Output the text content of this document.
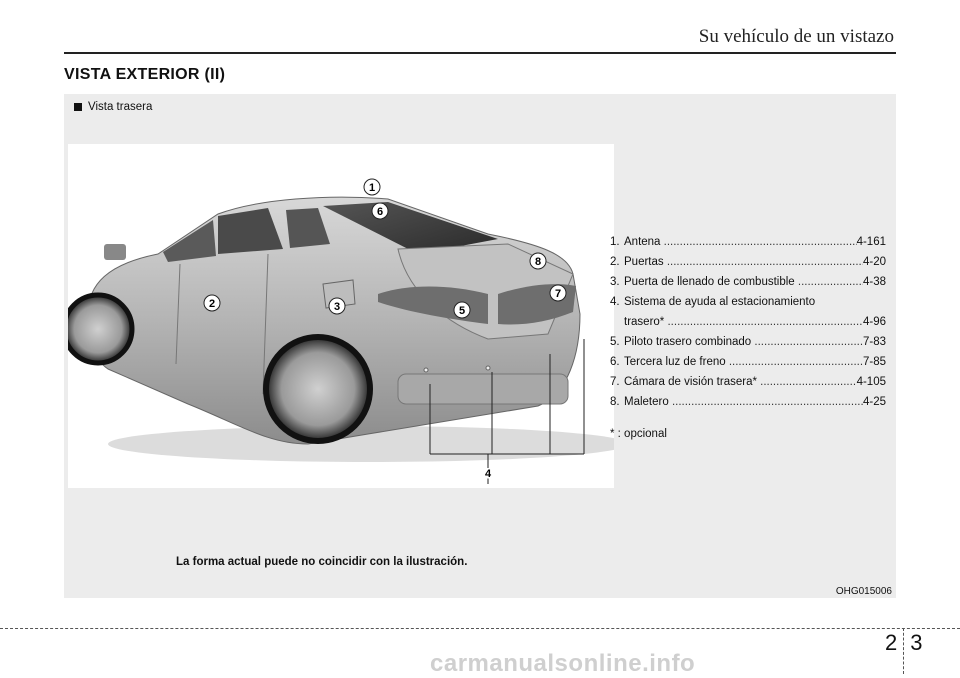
Su vehículo de un vistazo
VISTA EXTERIOR (II)
Vista trasera
1
6
8
7
2	3	5
4
1. Antena
.....	4-161
2. Puertas
.....	4-20
3. Puerta de llenado de combustible
.....	4-38
4. Sistema de ayuda al estacionamiento
trasero*
.....	4-96
5. Piloto trasero combinado
.....	7-83
6. Tercera luz de freno
.....	7-85
7. Cámara de visión trasera*
.....	4-105
8. Maletero
.....	4-25
* : opcional
La forma actual puede no coincidir con la ilustración.
OHG015006
2 3
carmanualsonline.info
